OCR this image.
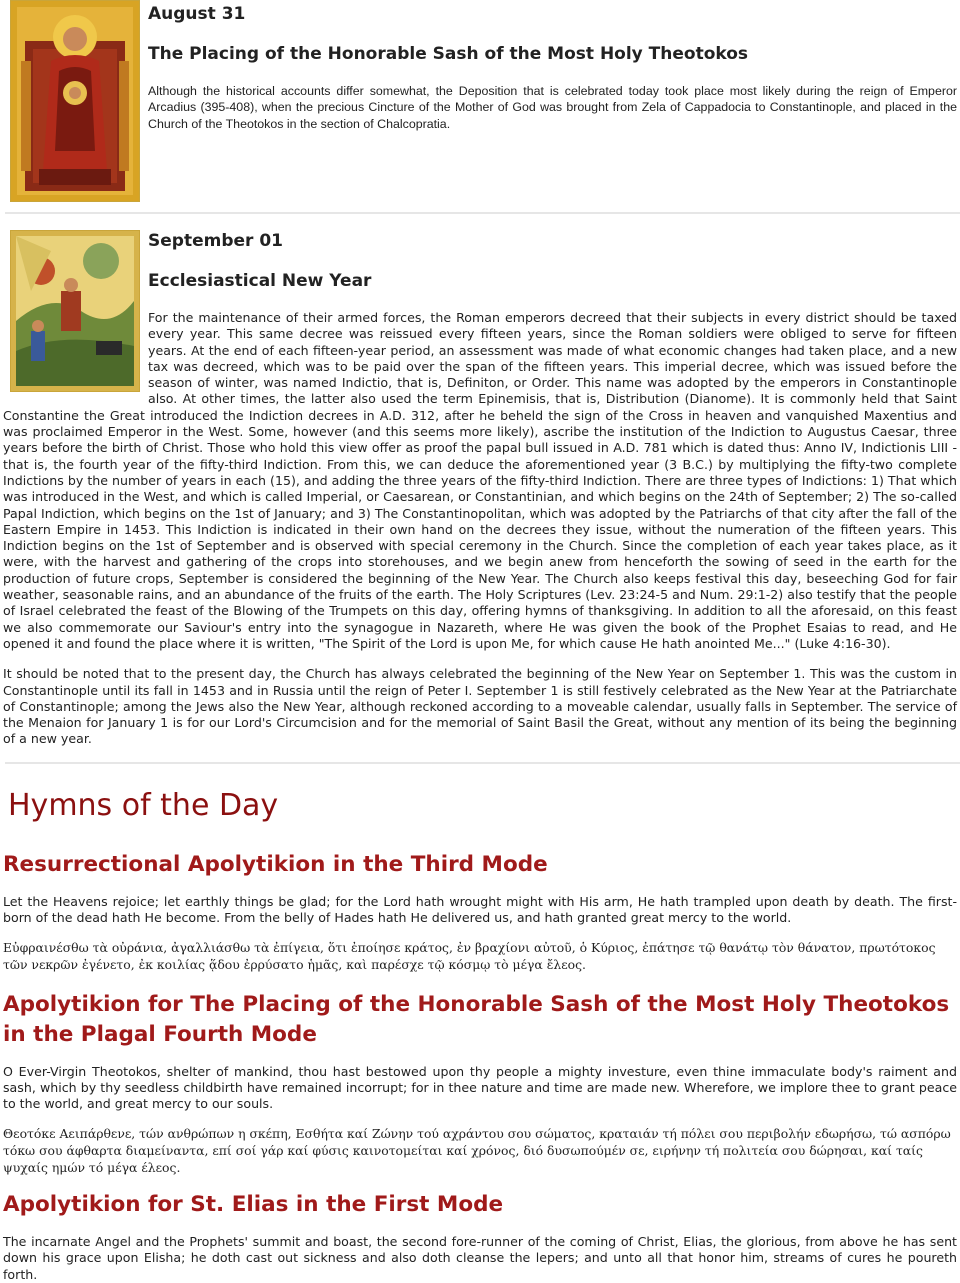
August 31

The Placing of the Honorable Sash of the Most Holy Theotokos

Although the historical accounts differ somewhat, the Deposition that is celebrated today took place most likely during the reign of Emperor Arcadius (395-408), when the precious Cincture of the Mother of God was brought from Zela of Cappadocia to Constantinople, and placed in the Church of the Theotokos in the section of Chalcopratia.

September 01

Ecclesiastical New Year

For the maintenance of their armed forces, the Roman emperors decreed that their subjects in every district should be taxed every year. This same decree was reissued every fifteen years, since the Roman soldiers were obliged to serve for fifteen years. At the end of each fifteen-year period, an assessment was made of what economic changes had taken place, and a new tax was decreed, which was to be paid over the span of the fifteen years. This imperial decree, which was issued before the season of winter, was named Indictio, that is, Definiton, or Order. This name was adopted by the emperors in Constantinople also. At other times, the latter also used the term Epinemisis, that is, Distribution (Dianome). It is commonly held that Saint Constantine the Great introduced the Indiction decrees in A.D. 312, after he beheld the sign of the Cross in heaven and vanquished Maxentius and was proclaimed Emperor in the West. Some, however (and this seems more likely), ascribe the institution of the Indiction to Augustus Caesar, three years before the birth of Christ. Those who hold this view offer as proof the papal bull issued in A.D. 781 which is dated thus: Anno IV, Indictionis LIII -that is, the fourth year of the fifty-third Indiction. From this, we can deduce the aforementioned year (3 B.C.) by multiplying the fifty-two complete Indictions by the number of years in each (15), and adding the three years of the fifty-third Indiction. There are three types of Indictions: 1) That which was introduced in the West, and which is called Imperial, or Caesarean, or Constantinian, and which begins on the 24th of September; 2) The so-called Papal Indiction, which begins on the 1st of January; and 3) The Constantinopolitan, which was adopted by the Patriarchs of that city after the fall of the Eastern Empire in 1453. This Indiction is indicated in their own hand on the decrees they issue, without the numeration of the fifteen years. This Indiction begins on the 1st of September and is observed with special ceremony in the Church. Since the completion of each year takes place, as it were, with the harvest and gathering of the crops into storehouses, and we begin anew from henceforth the sowing of seed in the earth for the production of future crops, September is considered the beginning of the New Year. The Church also keeps festival this day, beseeching God for fair weather, seasonable rains, and an abundance of the fruits of the earth. The Holy Scriptures (Lev. 23:24-5 and Num. 29:1-2) also testify that the people of Israel celebrated the feast of the Blowing of the Trumpets on this day, offering hymns of thanksgiving. In addition to all the aforesaid, on this feast we also commemorate our Saviour's entry into the synagogue in Nazareth, where He was given the book of the Prophet Esaias to read, and He opened it and found the place where it is written, "The Spirit of the Lord is upon Me, for which cause He hath anointed Me..." (Luke 4:16-30).

It should be noted that to the present day, the Church has always celebrated the beginning of the New Year on September 1. This was the custom in Constantinople until its fall in 1453 and in Russia until the reign of Peter I. September 1 is still festively celebrated as the New Year at the Patriarchate of Constantinople; among the Jews also the New Year, although reckoned according to a moveable calendar, usually falls in September. The service of the Menaion for January 1 is for our Lord's Circumcision and for the memorial of Saint Basil the Great, without any mention of its being the beginning of a new year.

Hymns of the Day
Resurrectional Apolytikion in the Third Mode

Let the Heavens rejoice; let earthly things be glad; for the Lord hath wrought might with His arm, He hath trampled upon death by death. The first-born of the dead hath He become. From the belly of Hades hath He delivered us, and hath granted great mercy to the world.

Εὐφραινέσθω τὰ οὐράνια, ἀγαλλιάσθω τὰ ἐπίγεια, ὅτι ἐποίησε κράτος, ἐν βραχίονι αὐτοῦ, ὁ Κύριος, ἐπάτησε τῷ θανάτῳ τὸν θάνατον, πρωτότοκος τῶν νεκρῶν ἐγένετο, ἐκ κοιλίας ᾅδου ἐρρύσατο ἡμᾶς, καὶ παρέσχε τῷ κόσμῳ τὸ μέγα ἔλεος.

Apolytikion for The Placing of the Honorable Sash of the Most Holy Theotokos in the Plagal Fourth Mode

O Ever-Virgin Theotokos, shelter of mankind, thou hast bestowed upon thy people a mighty investure, even thine immaculate body's raiment and sash, which by thy seedless childbirth have remained incorrupt; for in thee nature and time are made new. Wherefore, we implore thee to grant peace to the world, and great mercy to our souls.

Θεοτόκε Αειπάρθενε, τών ανθρώπων η σκέπη, Εσθήτα καί Ζώνην τού αχράντου σου σώματος, κραταιάν τή πόλει σου περιβολήν εδωρήσω, τώ ασπόρω τόκω σου άφθαρτα διαμείναντα, επί σοί γάρ καί φύσις καινοτομείται καί χρόνος, διό δυσωπούμέν σε, ειρήνην τή πολιτεία σου δώρησαι, καί ταίς ψυχαίς ημών τό μέγα έλεος.

Apolytikion for St. Elias in the First Mode

The incarnate Angel and the Prophets' summit and boast, the second fore-runner of the coming of Christ, Elias, the glorious, from above he has sent down his grace upon Elisha; he doth cast out sickness and also doth cleanse the lepers; and unto all that honor him, streams of cures he poureth forth.
